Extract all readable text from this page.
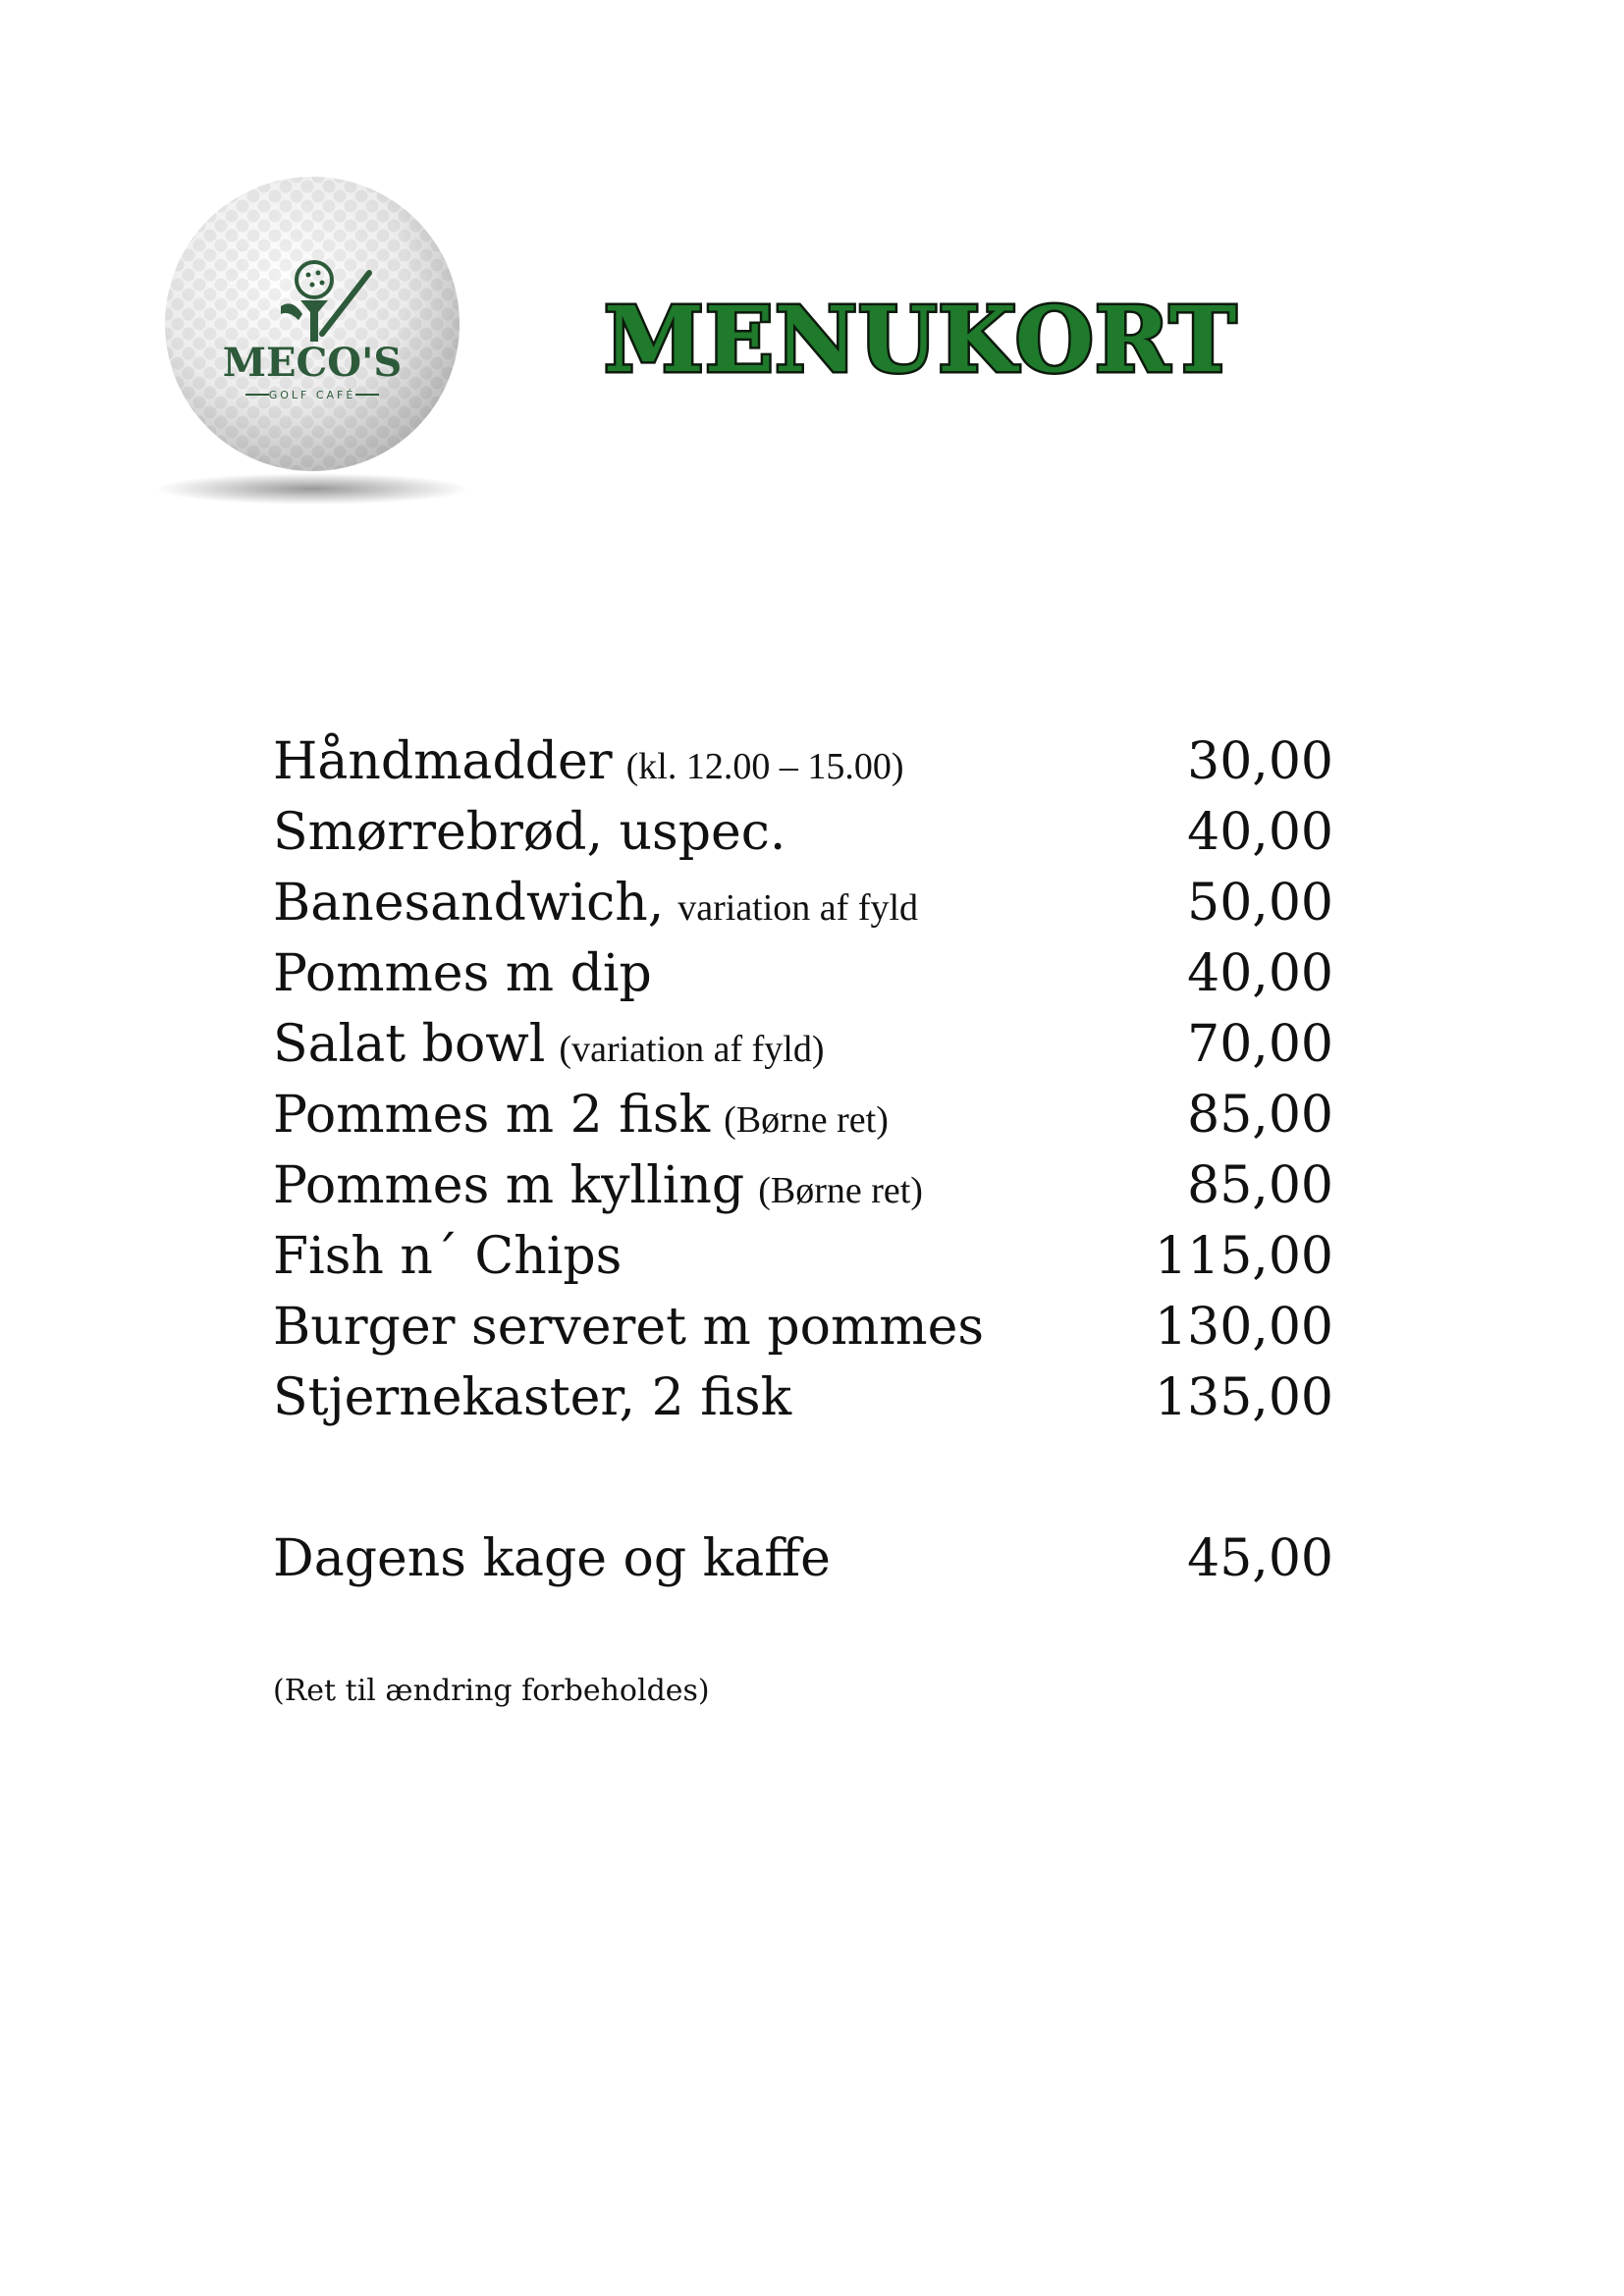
MECO'S
GOLF CAFÉ
MENUKORT
Håndmadder (kl. 12.00 – 15.00)	30,00
Smørrebrød, uspec.	40,00
Banesandwich, variation af fyld	50,00
Pommes m dip	40,00
Salat bowl (variation af fyld)	70,00
Pommes m 2 fisk (Børne ret)	85,00
Pommes m kylling (Børne ret)	85,00
Fish n´ Chips	115,00
Burger serveret m pommes	130,00
Stjernekaster, 2 fisk	135,00
Dagens kage og kaffe	45,00
(Ret til ændring forbeholdes)
